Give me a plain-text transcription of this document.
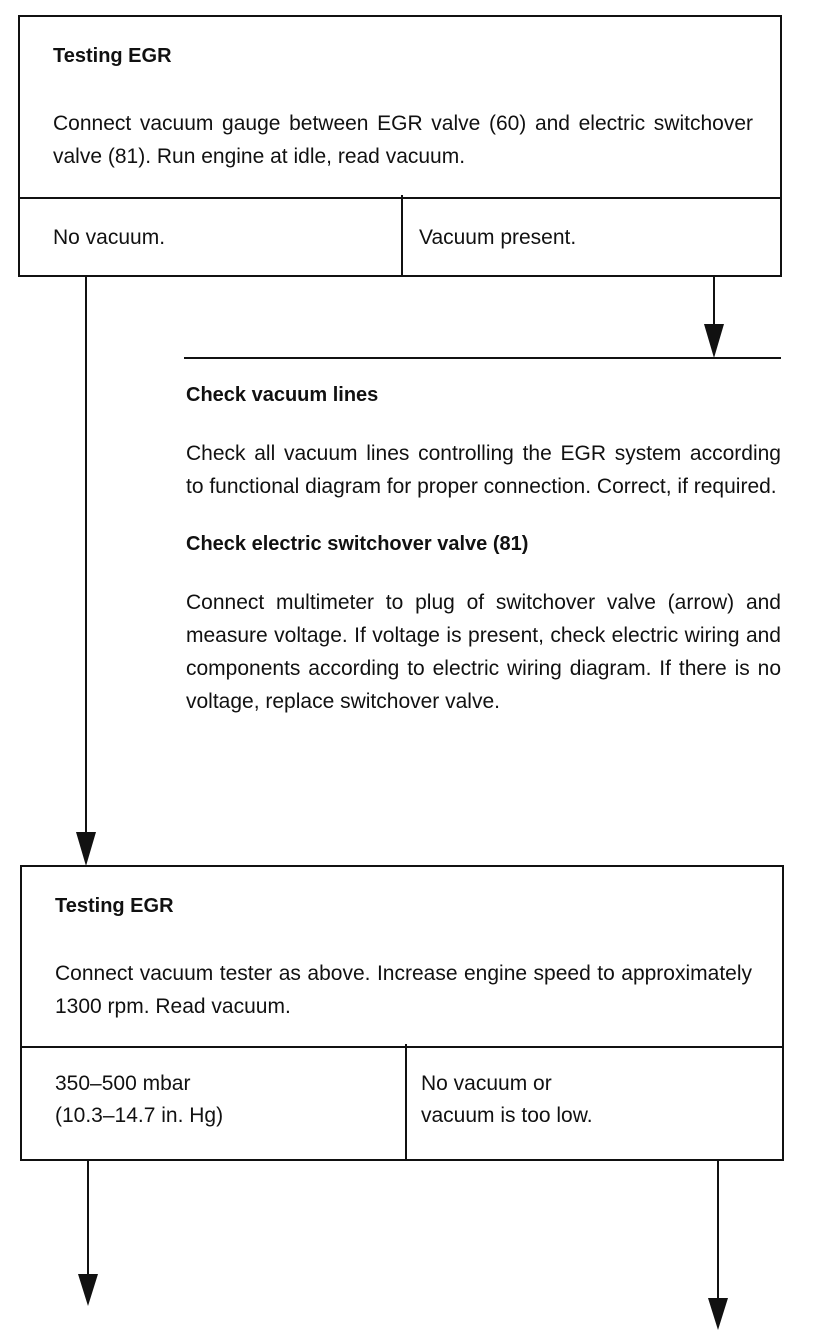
Testing EGR

Connect vacuum gauge between EGR valve (60) and electric switchover valve (81). Run engine at idle, read vacuum.

No vacuum.	Vacuum present.

Check vacuum lines

Check all vacuum lines controlling the EGR system according to functional diagram for proper connection. Correct, if required.

Check electric switchover valve (81)

Connect multimeter to plug of switchover valve (arrow) and measure voltage. If voltage is present, check electric wiring and components according to electric wiring diagram. If there is no voltage, replace switchover valve.

Testing EGR

Connect vacuum tester as above. Increase engine speed to approximately 1300 rpm. Read vacuum.

350–500 mbar
(10.3–14.7 in. Hg)
No vacuum or
vacuum is too low.
